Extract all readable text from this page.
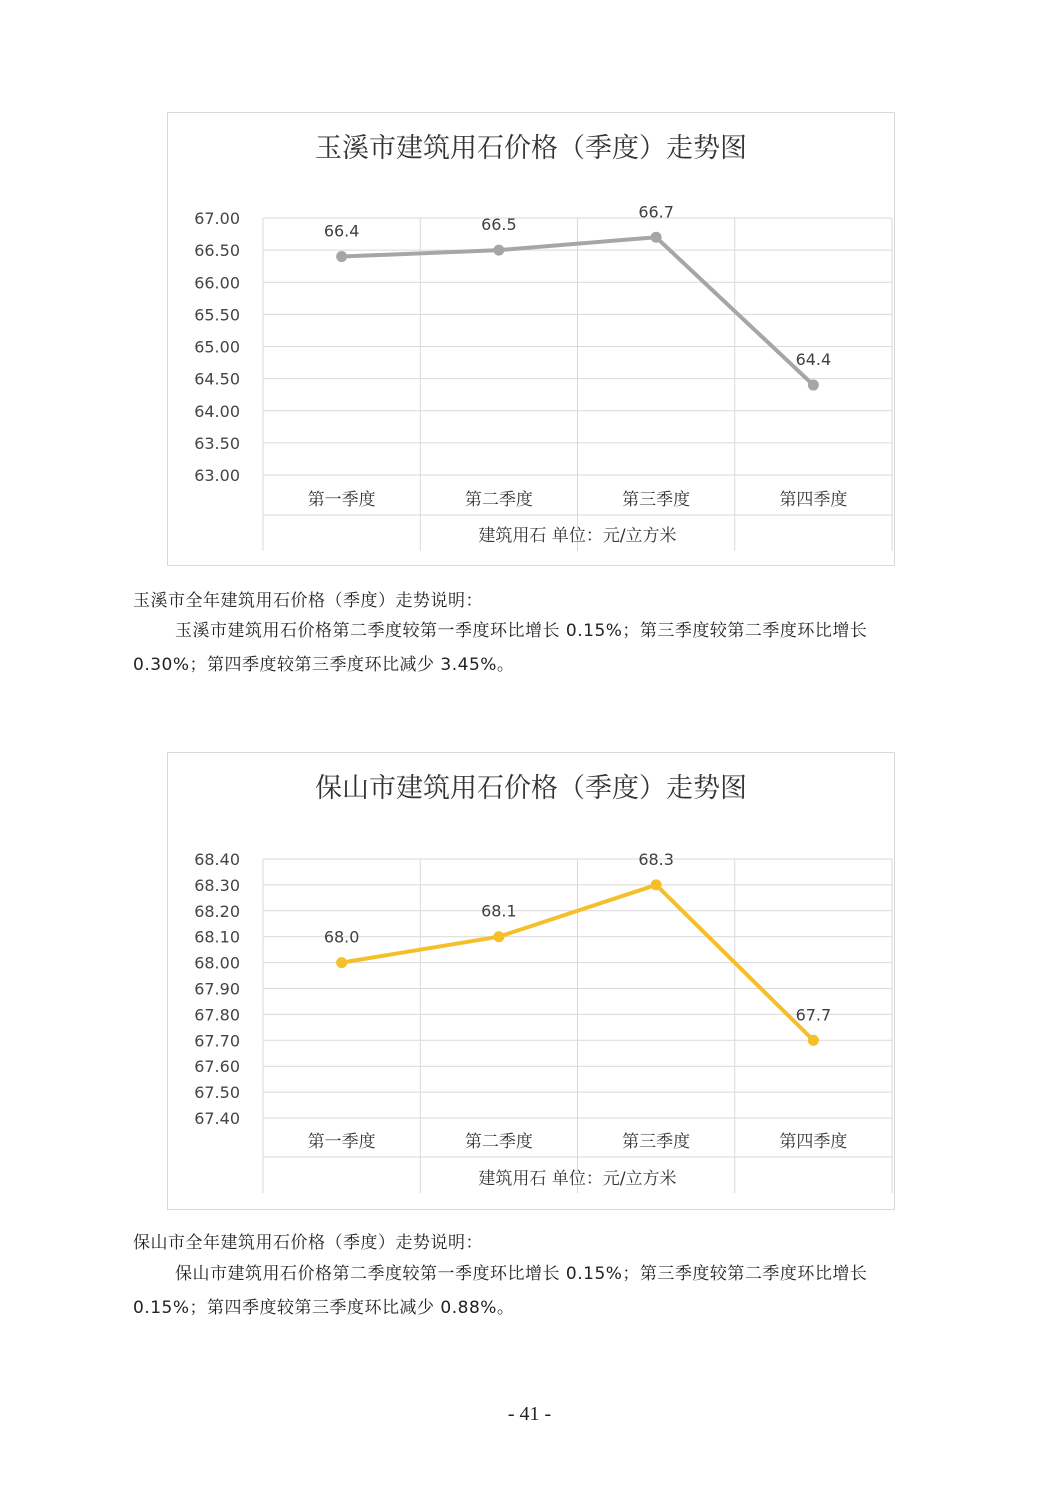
玉溪市建筑用石价格（季度）走势图
63.00
63.50
64.00
64.50
65.00
65.50
66.00
66.50
67.00
第一季度	第二季度	第三季度	第四季度
建筑用石 单位：元/立方米
66.4	66.5
66.7
64.4
玉溪市全年建筑用石价格（季度）走势说明：
玉溪市建筑用石价格第二季度较第一季度环比增长 0.15%；第三季度较第二季度环比增长 0.30%；第四季度较第三季度环比减少 3.45%。
保山市建筑用石价格（季度）走势图
67.40
67.50
67.60
67.70
67.80
67.90
68.00
68.10
68.20
68.30
68.40
第一季度	第二季度	第三季度	第四季度
建筑用石 单位：元/立方米
68.0
68.1
68.3
67.7
保山市全年建筑用石价格（季度）走势说明：
保山市建筑用石价格第二季度较第一季度环比增长 0.15%；第三季度较第二季度环比增长 0.15%；第四季度较第三季度环比减少 0.88%。
- 41 -
